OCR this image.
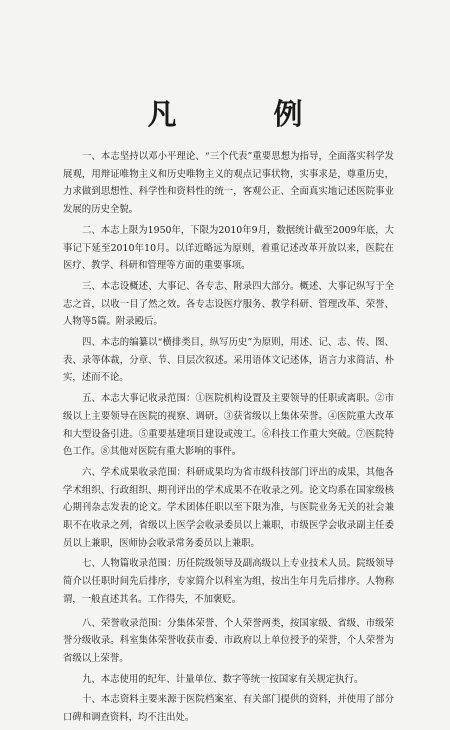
凡　例

一、本志坚持以邓小平理论、“三个代表”重要思想为指导，全面落实科学发展观，用辩证唯物主义和历史唯物主义的观点记事状物，实事求是，尊重历史，力求做到思想性、科学性和资料性的统一，客观公正、全面真实地记述医院事业发展的历史全貌。

二、本志上限为1950年，下限为2010年9月，数据统计截至2009年底，大事记下延至2010年10月。以详近略远为原则，着重记述改革开放以来，医院在医疗、教学、科研和管理等方面的重要事项。

三、本志设概述、大事记、各专志、附录四大部分。概述、大事记纵写于全志之首，以收一目了然之效。各专志设医疗服务、教学科研、管理改革、荣誉、人物等5篇。附录殿后。

四、本志的编纂以“横排类目，纵写历史”为原则，用述、记、志、传、图、表、录等体裁，分章、节、目层次叙述。采用语体文记述体，语言力求简洁、朴实，述而不论。

五、本志大事记收录范围：①医院机构设置及主要领导的任职或离职。②市级以上主要领导在医院的视察、调研。③获省级以上集体荣誉。④医院重大改革和大型设备引进。⑤重要基建项目建设或竣工。⑥科技工作重大突破。⑦医院特色工作。⑧其他对医院有重大影响的事件。

六、学术成果收录范围：科研成果均为省市级科技部门评出的成果，其他各学术组织、行政组织、期刊评出的学术成果不在收录之列。论文均系在国家级核心期刊杂志发表的论文。学术团体任职以至下限为准，与医院业务无关的社会兼职不在收录之列，省级以上医学会收录委员以上兼职，市级医学会收录副主任委员以上兼职，医师协会收录常务委员以上兼职。

七、人物篇收录范围：历任院级领导及副高级以上专业技术人员。院级领导简介以任职时间先后排序，专家简介以科室为组，按出生年月先后排序。人物称谓，一般直述其名。工作得失，不加褒贬。

八、荣誉收录范围：分集体荣誉、个人荣誉两类，按国家级、省级、市级荣誉分级收录。科室集体荣誉收获市委、市政府以上单位授予的荣誉，个人荣誉为省级以上荣誉。

九、本志使用的纪年、计量单位、数字等统一按国家有关规定执行。

十、本志资料主要来源于医院档案室、有关部门提供的资料，并使用了部分口碑和调查资料，均不注出处。

·
